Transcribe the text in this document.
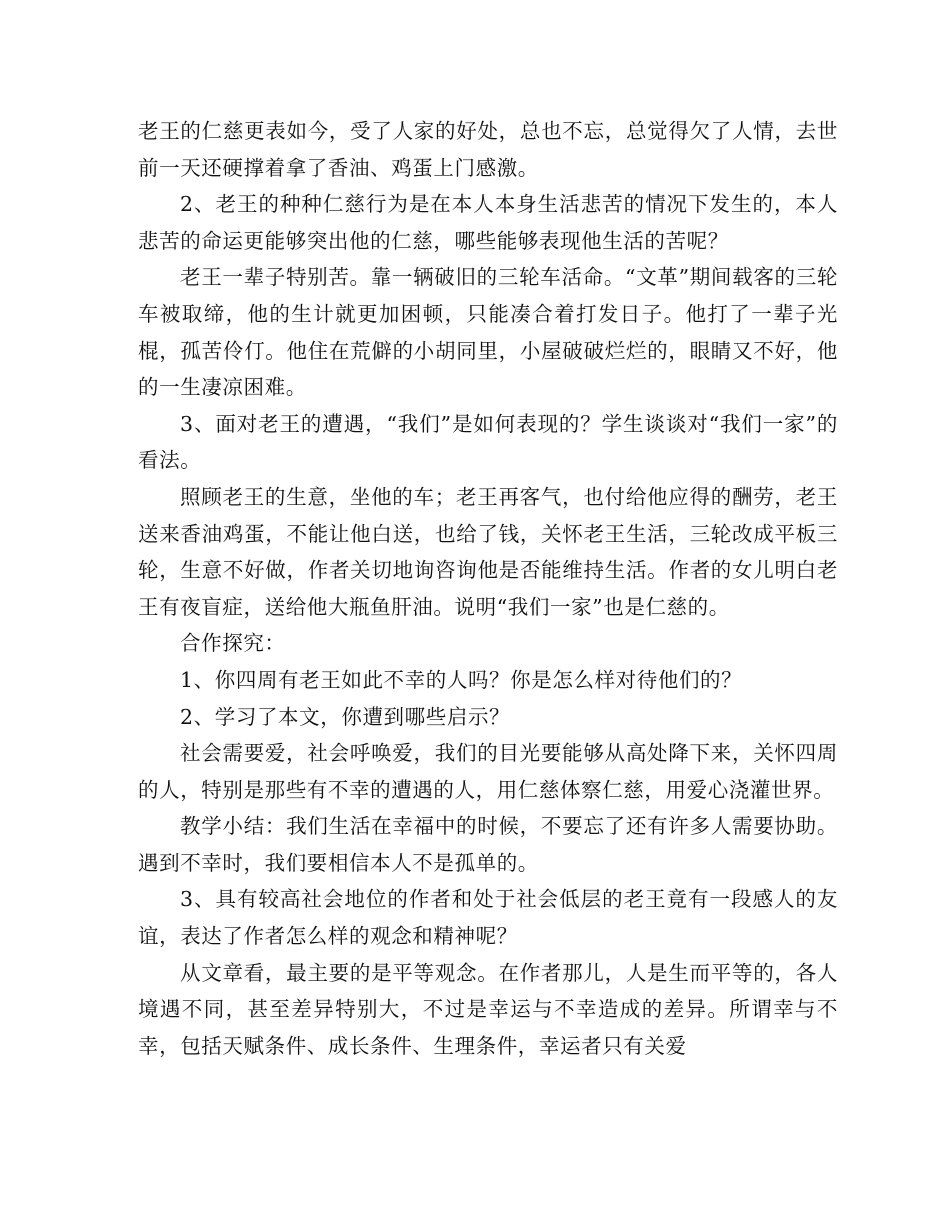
老王的仁慈更表如今，受了人家的好处，总也不忘，总觉得欠了人情，去世前一天还硬撑着拿了香油、鸡蛋上门感激。

2、老王的种种仁慈行为是在本人本身生活悲苦的情况下发生的，本人悲苦的命运更能够突出他的仁慈，哪些能够表现他生活的苦呢？

老王一辈子特别苦。靠一辆破旧的三轮车活命。“文革”期间载客的三轮车被取缔，他的生计就更加困顿，只能凑合着打发日子。他打了一辈子光棍，孤苦伶仃。他住在荒僻的小胡同里，小屋破破烂烂的，眼睛又不好，他的一生凄凉困难。

3、面对老王的遭遇，“我们”是如何表现的？学生谈谈对“我们一家”的看法。

照顾老王的生意，坐他的车；老王再客气，也付给他应得的酬劳，老王送来香油鸡蛋，不能让他白送，也给了钱，关怀老王生活，三轮改成平板三轮，生意不好做，作者关切地询咨询他是否能维持生活。作者的女儿明白老王有夜盲症，送给他大瓶鱼肝油。说明“我们一家”也是仁慈的。

合作探究：

1、你四周有老王如此不幸的人吗？你是怎么样对待他们的？

2、学习了本文，你遭到哪些启示？

社会需要爱，社会呼唤爱，我们的目光要能够从高处降下来，关怀四周的人，特别是那些有不幸的遭遇的人，用仁慈体察仁慈，用爱心浇灌世界。

教学小结：我们生活在幸福中的时候，不要忘了还有许多人需要协助。遇到不幸时，我们要相信本人不是孤单的。

3、具有较高社会地位的作者和处于社会低层的老王竟有一段感人的友谊，表达了作者怎么样的观念和精神呢？

从文章看，最主要的是平等观念。在作者那儿，人是生而平等的，各人境遇不同，甚至差异特别大，不过是幸运与不幸造成的差异。所谓幸与不幸，包括天赋条件、成长条件、生理条件，幸运者只有关爱
